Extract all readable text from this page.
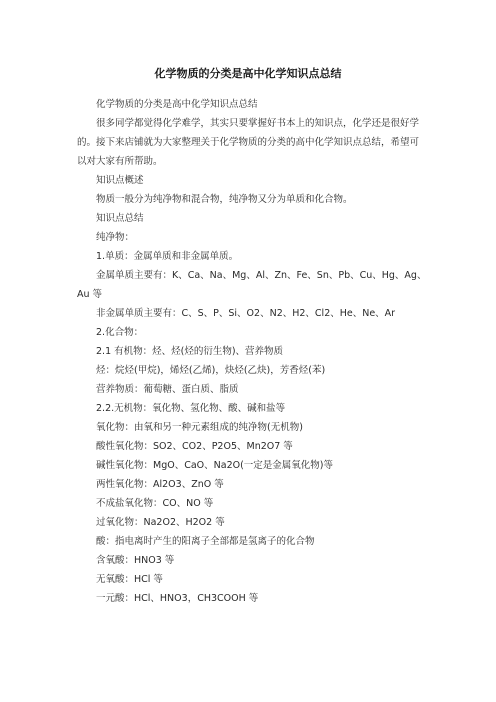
化学物质的分类是高中化学知识点总结

化学物质的分类是高中化学知识点总结

很多同学都觉得化学难学，其实只要掌握好书本上的知识点，化学还是很好学的。接下来店铺就为大家整理关于化学物质的分类的高中化学知识点总结，希望可以对大家有所帮助。

知识点概述

物质一般分为纯净物和混合物，纯净物又分为单质和化合物。

知识点总结

纯净物：

1.单质：金属单质和非金属单质。

金属单质主要有：K、Ca、Na、Mg、Al、Zn、Fe、Sn、Pb、Cu、Hg、Ag、Au 等

非金属单质主要有：C、S、P、Si、O2、N2、H2、Cl2、He、Ne、Ar

2.化合物：

2.1 有机物：烃、烃(烃的衍生物)、营养物质

烃：烷烃(甲烷)，烯烃(乙烯)，炔烃(乙炔)，芳香烃(苯)

营养物质：葡萄糖、蛋白质、脂质

2.2.无机物：氧化物、氢化物、酸、碱和盐等

氧化物：由氧和另一种元素组成的纯净物(无机物)

酸性氧化物：SO2、CO2、P2O5、Mn2O7 等

碱性氧化物：MgO、CaO、Na2O(一定是金属氧化物)等

两性氧化物：Al2O3、ZnO 等

不成盐氧化物：CO、NO 等

过氧化物：Na2O2、H2O2 等

酸：指电离时产生的阳离子全部都是氢离子的化合物

含氧酸：HNO3 等

无氧酸：HCl 等

一元酸：HCl、HNO3，CH3COOH 等
